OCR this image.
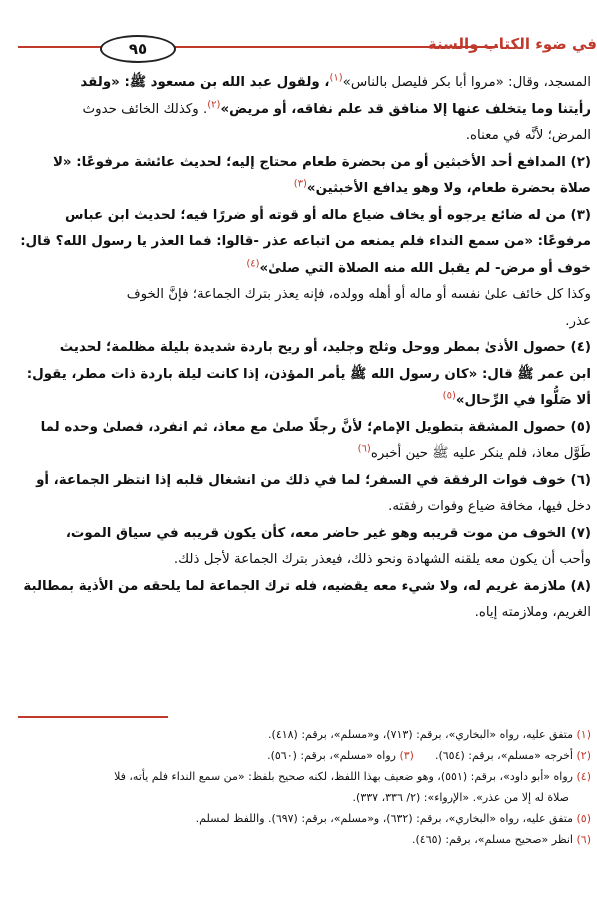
في ضوء الكتاب والسنة
٩٥

المسجد، وقال: «مروا أبا بكر فليصل بالناس»$^{(١)}$، ولقول عبد الله بن مسعود ﷺ: «ولقد

رأيتنا وما يتخلف عنها إلا منافق قد علم نفاقه، أو مريض»$^{(٢)}$. وكذلك الخائف حدوث

المرض؛ لأنَّه في معناه.

(٢) المدافع أحد الأخبثين أو من بحضرة طعام محتاج إليه؛ لحديث عائشة مرفوعًا: «لا

صلاة بحضرة طعام، ولا وهو يدافع الأخبثين»$^{(٣)}$

(٣) من له ضائع يرجوه أو يخاف ضياع ماله أو قوته أو ضررًا فيه؛ لحديث ابن عباس

مرفوعًا: «من سمع النداء فلم يمنعه من اتباعه عذر -قالوا: فما العذر يا رسول الله؟ قال:

خوف أو مرض- لم يقبل الله منه الصلاة التي صلىٰ»$^{(٤)}$

وكذا كل خائف علىٰ نفسه أو ماله أو أهله وولده، فإنه يعذر بترك الجماعة؛ فإنَّ الخوف

عذر.

(٤) حصول الأذىٰ بمطر ووحل وثلج وجليد، أو ريح باردة شديدة بليلة مظلمة؛ لحديث

ابن عمر ﷺ قال: «كان رسول الله ﷺ يأمر المؤذن، إذا كانت ليلة باردة ذات مطر، يقول:

ألا صَلُّوا في الرِّحال»$^{(٥)}$

(٥) حصول المشقة بتطويل الإمام؛ لأنَّ رجلًا صلىٰ مع معاذ، ثم انفرد، فصلىٰ وحده لما

طَوَّل معاذ، فلم ينكر عليه ﷺ حين أخبره$^{(٦)}$

(٦) خوف فوات الرفقة في السفر؛ لما في ذلك من انشغال قلبه إذا انتظر الجماعة، أو

دخل فيها، مخافة ضياع وفوات رفقته.

(٧) الخوف من موت قريبه وهو غير حاضر معه، كأن يكون قريبه في سياق الموت،

وأحب أن يكون معه يلقنه الشهادة ونحو ذلك، فيعذر بترك الجماعة لأجل ذلك.

(٨) ملازمة غريم له، ولا شيء معه يقضيه، فله ترك الجماعة لما يلحقه من الأذية بمطالبة

الغريم، وملازمته إياه.

(١) متفق عليه، رواه «البخاري»، برقم: (٧١٣)، و«مسلم»، برقم: (٤١٨).

(٢) أخرجه «مسلم»، برقم: (٦٥٤).      (٣) رواه «مسلم»، برقم: (٥٦٠).

(٤) رواه «أبو داود»، برقم: (٥٥١)، وهو ضعيف بهذا اللفظ، لكنه صحيح بلفظ: «من سمع النداء فلم يأته، فلا

صلاة له إلا من عذر». «الإرواء»: (٢/ ٣٣٦، ٣٣٧).

(٥) متفق عليه، رواه «البخاري»، برقم: (٦٣٢)، و«مسلم»، برقم: (٦٩٧). واللفظ لمسلم.

(٦) انظر «صحيح مسلم»، برقم: (٤٦٥).
